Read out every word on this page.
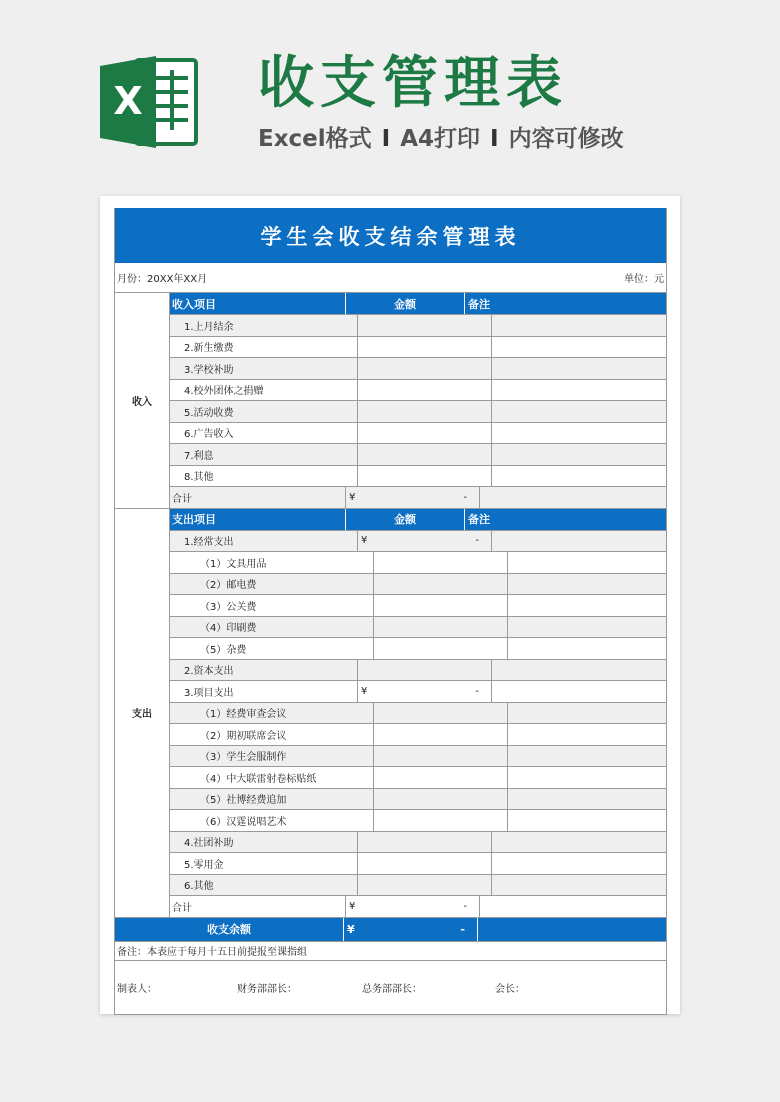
X 收支管理表
Excel格式 I A4打印 I 内容可修改
学生会收支结余管理表
月份：20XX年XX月	单位：元
收入
收入项目	金额	备注
1.上月结余
2.新生缴费
3.学校补助
4.校外团体之捐赠
5.活动收费
6.广告收入
7.利息
8.其他
合计	¥	-
支出
支出项目	金额	备注
1.经常支出	¥	-
（1）文具用品
（2）邮电费
（3）公关费
（4）印刷费
（5）杂费
2.资本支出
3.项目支出	¥	-
（1）经费审查会议
（2）期初联席会议
（3）学生会服制作
（4）中大联雷射卷标贴纸
（5）社博经费追加
（6）汉霆说唱艺术
4.社团补助
5.零用金
6.其他
合计	¥	-
收支余额	¥	-
备注：本表应于每月十五日前提报至课指组
制表人：	财务部部长：	总务部部长：	会长：
